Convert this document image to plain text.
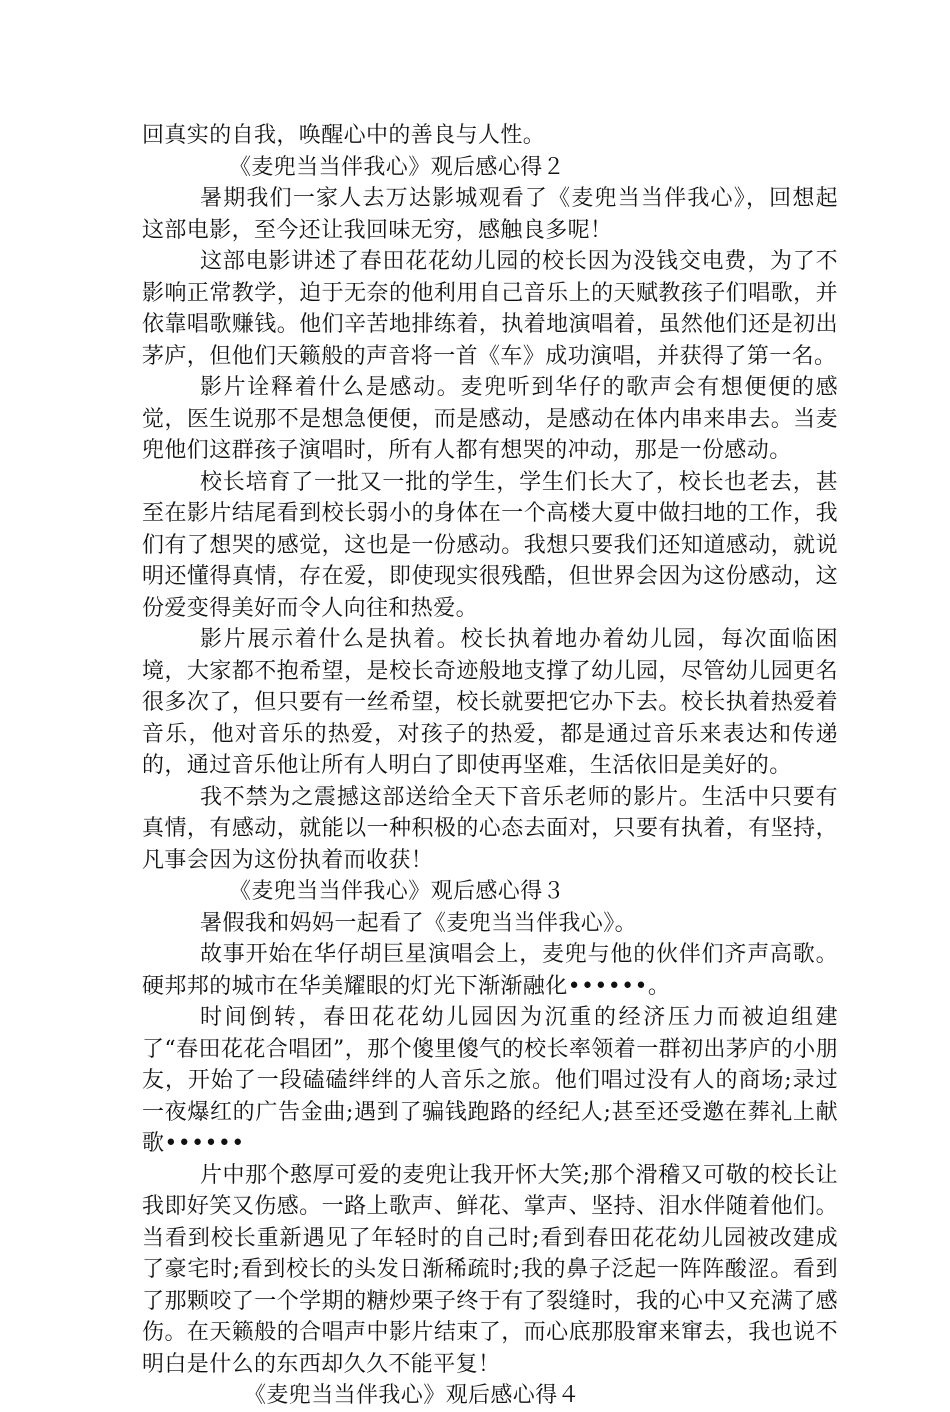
回真实的自我，唤醒心中的善良与人性。

《麦兜当当伴我心》观后感心得２

暑期我们一家人去万达影城观看了《麦兜当当伴我心》，回想起这部电影，至今还让我回味无穷，感触良多呢！

这部电影讲述了春田花花幼儿园的校长因为没钱交电费，为了不影响正常教学，迫于无奈的他利用自己音乐上的天赋教孩子们唱歌，并依靠唱歌赚钱。他们辛苦地排练着，执着地演唱着，虽然他们还是初出茅庐，但他们天籁般的声音将一首《车》成功演唱，并获得了第一名。

影片诠释着什么是感动。麦兜听到华仔的歌声会有想便便的感觉，医生说那不是想急便便，而是感动，是感动在体内串来串去。当麦兜他们这群孩子演唱时，所有人都有想哭的冲动，那是一份感动。

校长培育了一批又一批的学生，学生们长大了，校长也老去，甚至在影片结尾看到校长弱小的身体在一个高楼大夏中做扫地的工作，我们有了想哭的感觉，这也是一份感动。我想只要我们还知道感动，就说明还懂得真情，存在爱，即使现实很残酷，但世界会因为这份感动，这份爱变得美好而令人向往和热爱。

影片展示着什么是执着。校长执着地办着幼儿园，每次面临困境，大家都不抱希望，是校长奇迹般地支撑了幼儿园，尽管幼儿园更名很多次了，但只要有一丝希望，校长就要把它办下去。校长执着热爱着音乐，他对音乐的热爱，对孩子的热爱，都是通过音乐来表达和传递的，通过音乐他让所有人明白了即使再坚难，生活依旧是美好的。

我不禁为之震撼这部送给全天下音乐老师的影片。生活中只要有真情，有感动，就能以一种积极的心态去面对，只要有执着，有坚持，凡事会因为这份执着而收获！

《麦兜当当伴我心》观后感心得３

暑假我和妈妈一起看了《麦兜当当伴我心》。

故事开始在华仔胡巨星演唱会上，麦兜与他的伙伴们齐声高歌。硬邦邦的城市在华美耀眼的灯光下渐渐融化••••••。

时间倒转，春田花花幼儿园因为沉重的经济压力而被迫组建了“春田花花合唱团”，那个傻里傻气的校长率领着一群初出茅庐的小朋友，开始了一段磕磕绊绊的人音乐之旅。他们唱过没有人的商场;录过一夜爆红的广告金曲;遇到了骗钱跑路的经纪人;甚至还受邀在葬礼上献歌••••••

片中那个憨厚可爱的麦兜让我开怀大笑;那个滑稽又可敬的校长让我即好笑又伤感。一路上歌声、鲜花、掌声、坚持、泪水伴随着他们。当看到校长重新遇见了年轻时的自己时;看到春田花花幼儿园被改建成了豪宅时;看到校长的头发日渐稀疏时;我的鼻子泛起一阵阵酸涩。看到了那颗咬了一个学期的糖炒栗子终于有了裂缝时，我的心中又充满了感伤。在天籁般的合唱声中影片结束了，而心底那股窜来窜去，我也说不明白是什么的东西却久久不能平复！

《麦兜当当伴我心》观后感心得４
